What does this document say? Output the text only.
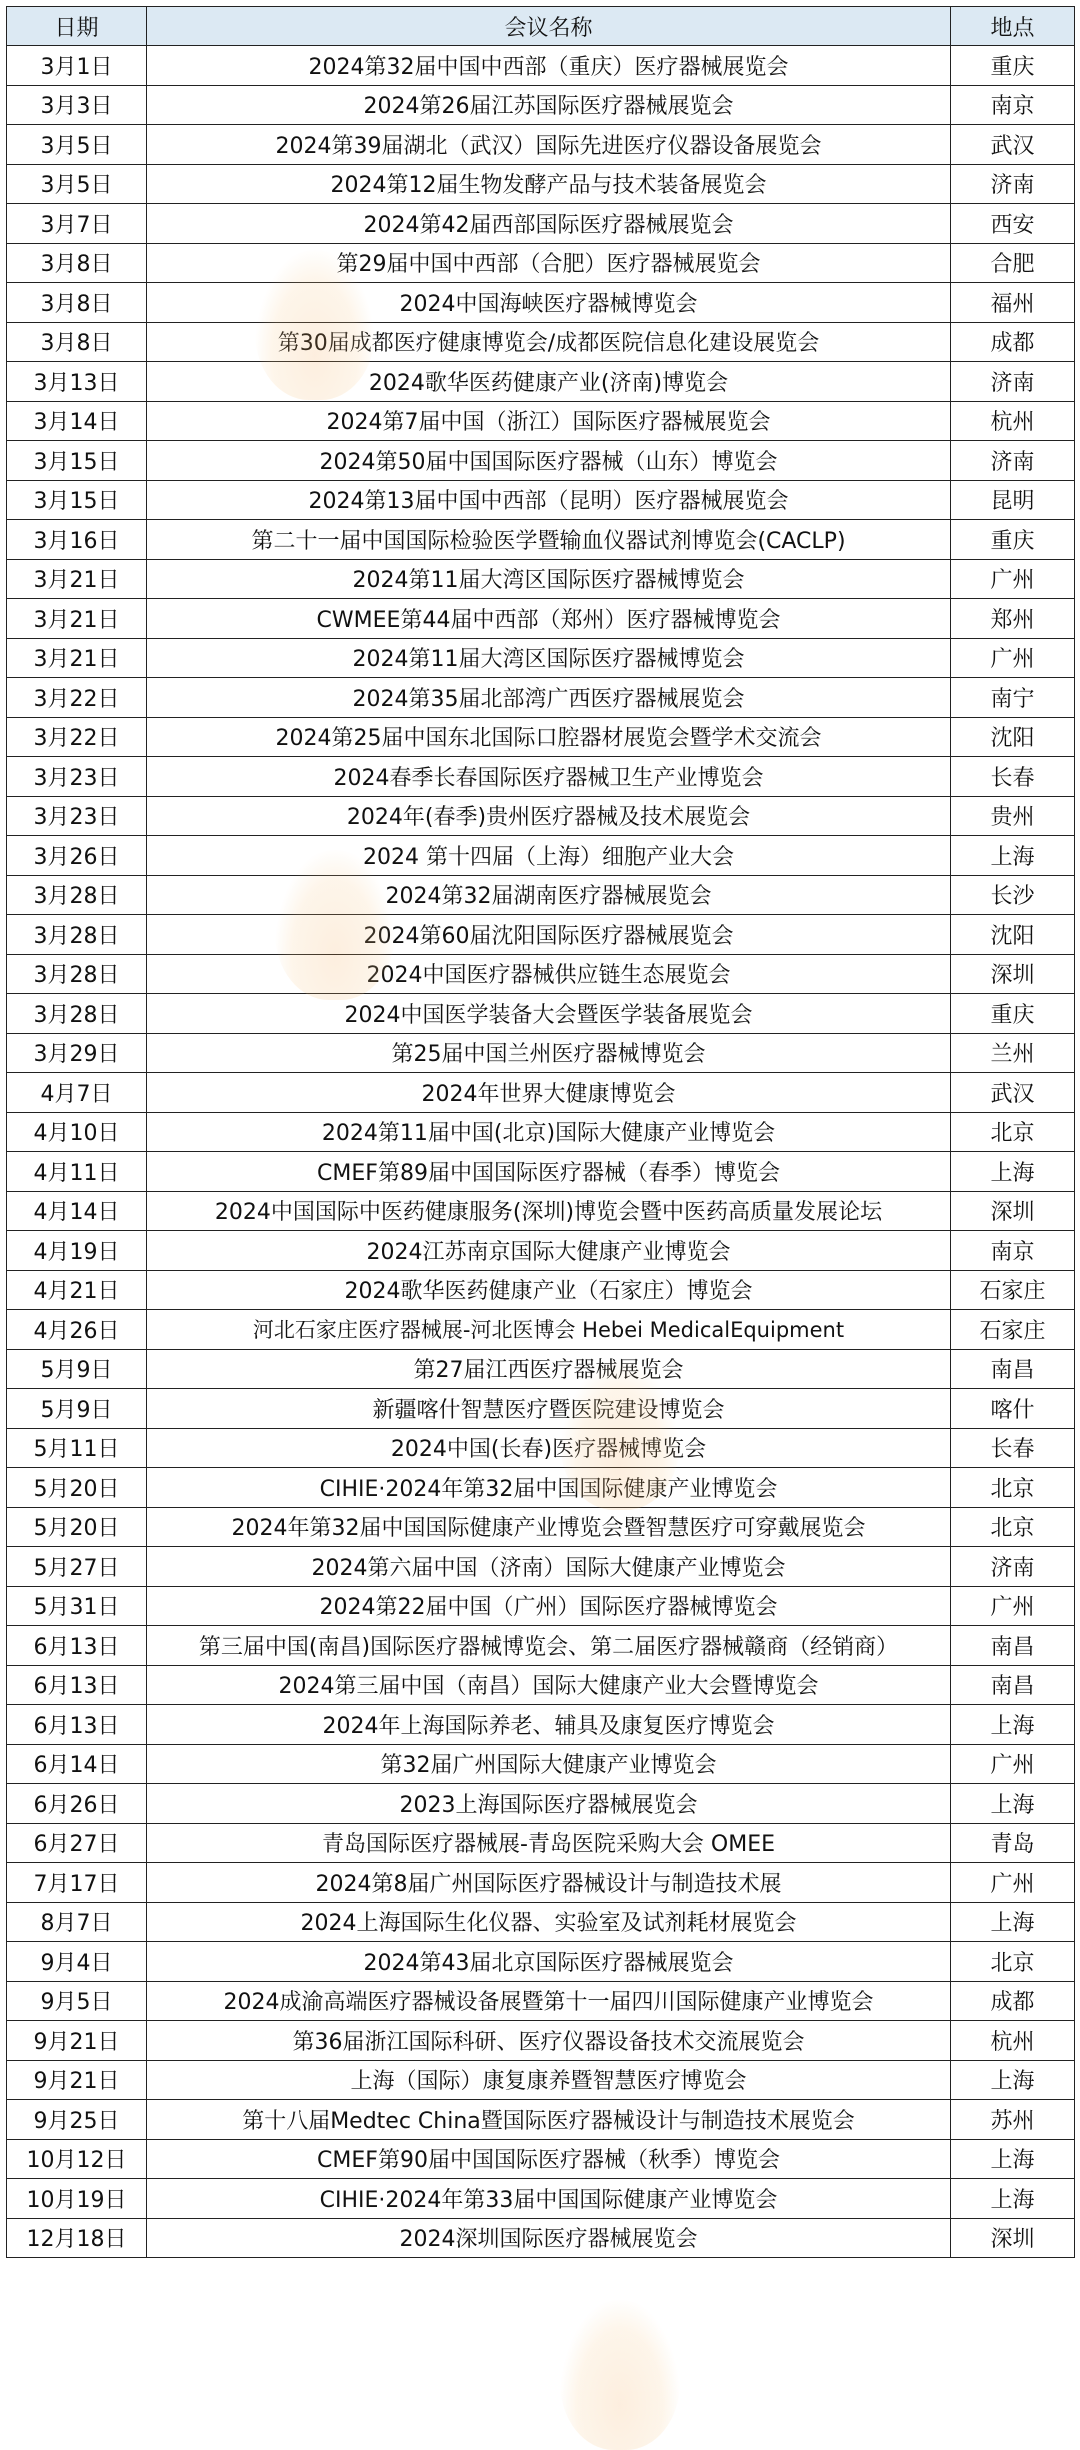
日期	会议名称	地点
3月1日	2024第32届中国中西部（重庆）医疗器械展览会	重庆
3月3日	2024第26届江苏国际医疗器械展览会	南京
3月5日	2024第39届湖北（武汉）国际先进医疗仪器设备展览会	武汉
3月5日	2024第12届生物发酵产品与技术装备展览会	济南
3月7日	2024第42届西部国际医疗器械展览会	西安
3月8日	第29届中国中西部（合肥）医疗器械展览会	合肥
3月8日	2024中国海峡医疗器械博览会	福州
3月8日	第30届成都医疗健康博览会/成都医院信息化建设展览会	成都
3月13日	2024歌华医药健康产业(济南)博览会	济南
3月14日	2024第7届中国（浙江）国际医疗器械展览会	杭州
3月15日	2024第50届中国国际医疗器械（山东）博览会	济南
3月15日	2024第13届中国中西部（昆明）医疗器械展览会	昆明
3月16日	第二十一届中国国际检验医学暨输血仪器试剂博览会(CACLP)	重庆
3月21日	2024第11届大湾区国际医疗器械博览会	广州
3月21日	CWMEE第44届中西部（郑州）医疗器械博览会	郑州
3月21日	2024第11届大湾区国际医疗器械博览会	广州
3月22日	2024第35届北部湾广西医疗器械展览会	南宁
3月22日	2024第25届中国东北国际口腔器材展览会暨学术交流会	沈阳
3月23日	2024春季长春国际医疗器械卫生产业博览会	长春
3月23日	2024年(春季)贵州医疗器械及技术展览会	贵州
3月26日	2024 第十四届（上海）细胞产业大会	上海
3月28日	2024第32届湖南医疗器械展览会	长沙
3月28日	2024第60届沈阳国际医疗器械展览会	沈阳
3月28日	2024中国医疗器械供应链生态展览会	深圳
3月28日	2024中国医学装备大会暨医学装备展览会	重庆
3月29日	第25届中国兰州医疗器械博览会	兰州
4月7日	2024年世界大健康博览会	武汉
4月10日	2024第11届中国(北京)国际大健康产业博览会	北京
4月11日	CMEF第89届中国国际医疗器械（春季）博览会	上海
4月14日	2024中国国际中医药健康服务(深圳)博览会暨中医药高质量发展论坛	深圳
4月19日	2024江苏南京国际大健康产业博览会	南京
4月21日	2024歌华医药健康产业（石家庄）博览会	石家庄
4月26日	河北石家庄医疗器械展-河北医博会 Hebei MedicalEquipment	石家庄
5月9日	第27届江西医疗器械展览会	南昌
5月9日	新疆喀什智慧医疗暨医院建设博览会	喀什
5月11日	2024中国(长春)医疗器械博览会	长春
5月20日	CIHIE·2024年第32届中国国际健康产业博览会	北京
5月20日	2024年第32届中国国际健康产业博览会暨智慧医疗可穿戴展览会	北京
5月27日	2024第六届中国（济南）国际大健康产业博览会	济南
5月31日	2024第22届中国（广州）国际医疗器械博览会	广州
6月13日	第三届中国(南昌)国际医疗器械博览会、第二届医疗器械赣商（经销商）	南昌
6月13日	2024第三届中国（南昌）国际大健康产业大会暨博览会	南昌
6月13日	2024年上海国际养老、辅具及康复医疗博览会	上海
6月14日	第32届广州国际大健康产业博览会	广州
6月26日	2023上海国际医疗器械展览会	上海
6月27日	青岛国际医疗器械展-青岛医院采购大会 OMEE	青岛
7月17日	2024第8届广州国际医疗器械设计与制造技术展	广州
8月7日	2024上海国际生化仪器、实验室及试剂耗材展览会	上海
9月4日	2024第43届北京国际医疗器械展览会	北京
9月5日	2024成渝高端医疗器械设备展暨第十一届四川国际健康产业博览会	成都
9月21日	第36届浙江国际科研、医疗仪器设备技术交流展览会	杭州
9月21日	上海（国际）康复康养暨智慧医疗博览会	上海
9月25日	第十八届Medtec China暨国际医疗器械设计与制造技术展览会	苏州
10月12日	CMEF第90届中国国际医疗器械（秋季）博览会	上海
10月19日	CIHIE·2024年第33届中国国际健康产业博览会	上海
12月18日	2024深圳国际医疗器械展览会	深圳
